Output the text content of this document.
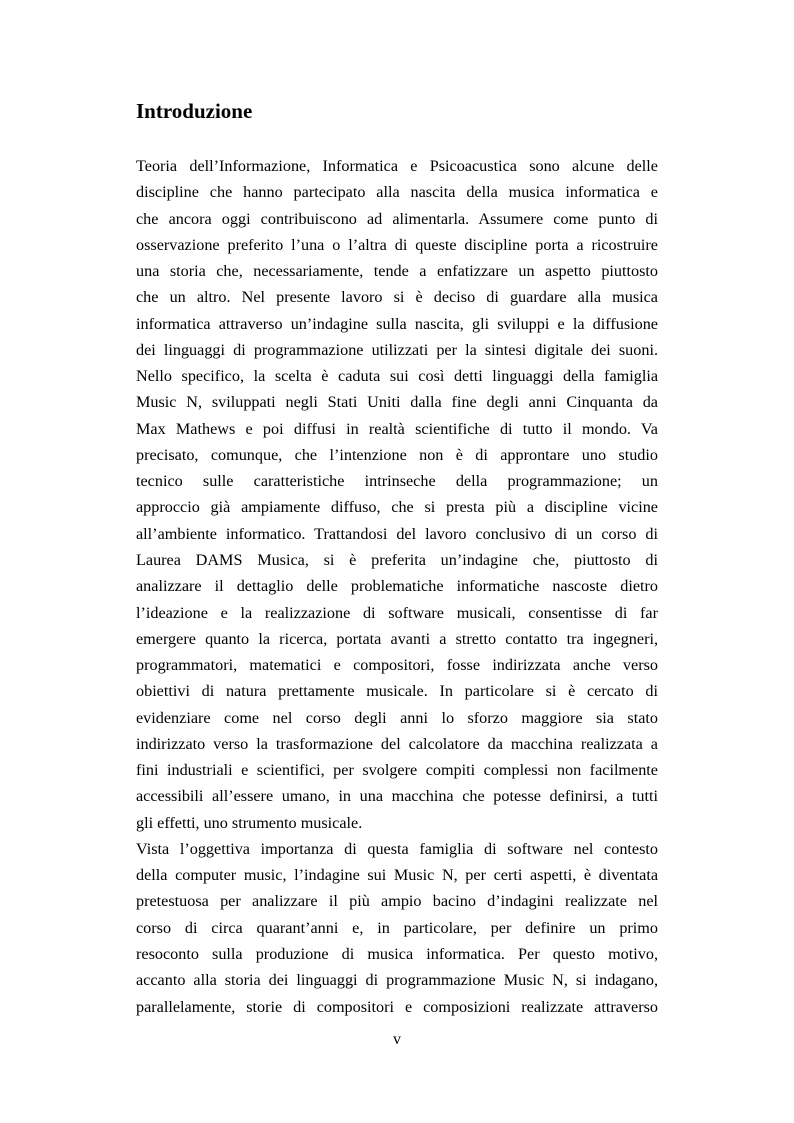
Introduzione
Teoria dell’Informazione, Informatica e Psicoacustica sono alcune delle
discipline che hanno partecipato alla nascita della musica informatica e
che ancora oggi contribuiscono ad alimentarla. Assumere come punto di
osservazione preferito l’una o l’altra di queste discipline porta a ricostruire
una storia che, necessariamente, tende a enfatizzare un aspetto piuttosto
che un altro. Nel presente lavoro si è deciso di guardare alla musica
informatica attraverso un’indagine sulla nascita, gli sviluppi e la diffusione
dei linguaggi di programmazione utilizzati per la sintesi digitale dei suoni.
Nello specifico, la scelta è caduta sui così detti linguaggi della famiglia
Music N, sviluppati negli Stati Uniti dalla fine degli anni Cinquanta da
Max Mathews e poi diffusi in realtà scientifiche di tutto il mondo. Va
precisato, comunque, che l’intenzione non è di approntare uno studio
tecnico sulle caratteristiche intrinseche della programmazione; un
approccio già ampiamente diffuso, che si presta più a discipline vicine
all’ambiente informatico. Trattandosi del lavoro conclusivo di un corso di
Laurea DAMS Musica, si è preferita un’indagine che, piuttosto di
analizzare il dettaglio delle problematiche informatiche nascoste dietro
l’ideazione e la realizzazione di software musicali, consentisse di far
emergere quanto la ricerca, portata avanti a stretto contatto tra ingegneri,
programmatori, matematici e compositori, fosse indirizzata anche verso
obiettivi di natura prettamente musicale. In particolare si è cercato di
evidenziare come nel corso degli anni lo sforzo maggiore sia stato
indirizzato verso la trasformazione del calcolatore da macchina realizzata a
fini industriali e scientifici, per svolgere compiti complessi non facilmente
accessibili all’essere umano, in una macchina che potesse definirsi, a tutti
gli effetti, uno strumento musicale.
Vista l’oggettiva importanza di questa famiglia di software nel contesto
della computer music, l’indagine sui Music N, per certi aspetti, è diventata
pretestuosa per analizzare il più ampio bacino d’indagini realizzate nel
corso di circa quarant’anni e, in particolare, per definire un primo
resoconto sulla produzione di musica informatica. Per questo motivo,
accanto alla storia dei linguaggi di programmazione Music N, si indagano,
parallelamente, storie di compositori e composizioni realizzate attraverso
v
